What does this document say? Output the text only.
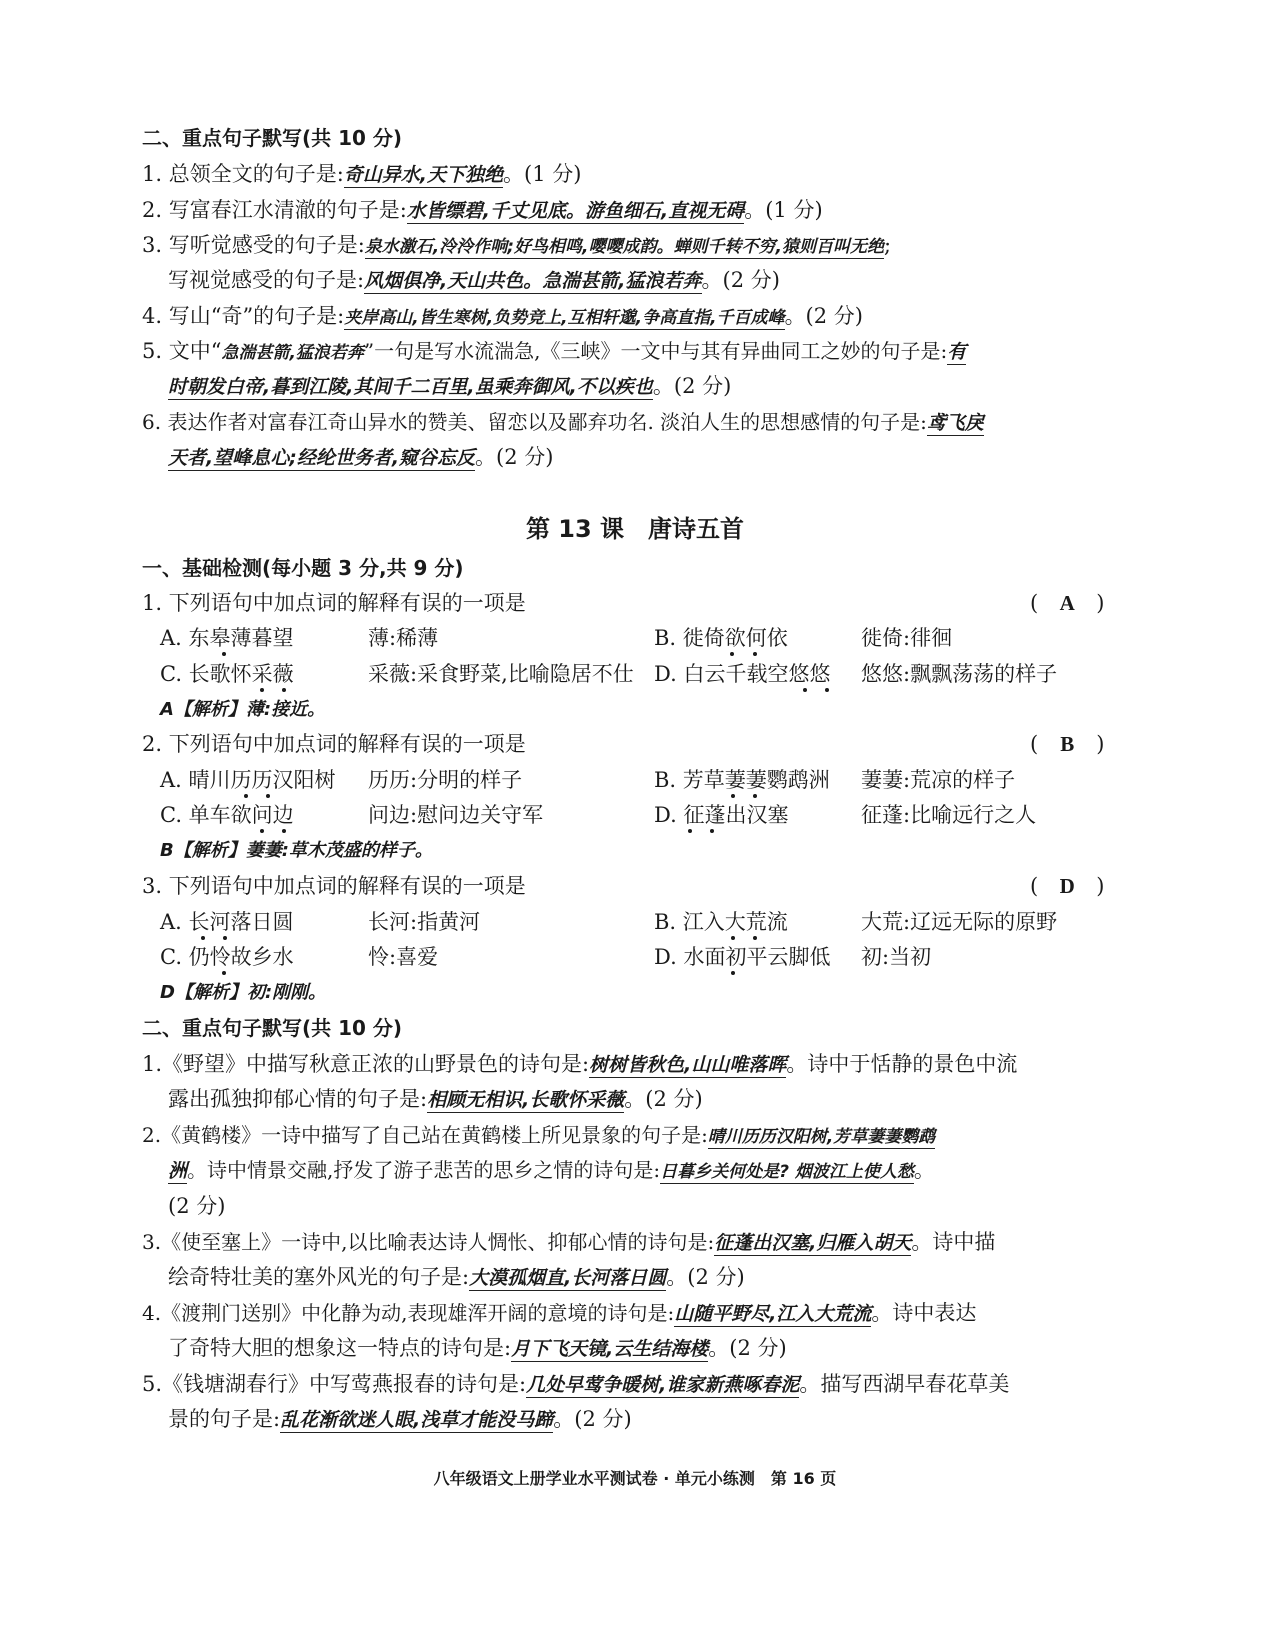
二、重点句子默写(共 10 分)
1. 总领全文的句子是:奇山异水,天下独绝。(1 分)
2. 写富春江水清澈的句子是:水皆缥碧,千丈见底。游鱼细石,直视无碍。(1 分)
3. 写听觉感受的句子是:泉水激石,泠泠作响;好鸟相鸣,嘤嘤成韵。蝉则千转不穷,猿则百叫无绝;
写视觉感受的句子是:风烟俱净,天山共色。急湍甚箭,猛浪若奔。(2 分)
4. 写山“奇”的句子是:夹岸高山,皆生寒树,负势竞上,互相轩邈,争高直指,千百成峰。(2 分)
5. 文中“急湍甚箭,猛浪若奔”一句是写水流湍急,《三峡》一文中与其有异曲同工之妙的句子是:有
时朝发白帝,暮到江陵,其间千二百里,虽乘奔御风,不以疾也。(2 分)
6. 表达作者对富春江奇山异水的赞美、留恋以及鄙弃功名. 淡泊人生的思想感情的句子是:鸢飞戾
天者,望峰息心;经纶世务者,窥谷忘反。(2 分)
第 13 课　唐诗五首
一、基础检测(每小题 3 分,共 9 分)
1. 下列语句中加点词的解释有误的一项是	( A )
A. 东皋薄暮望	薄:稀薄	B. 徙倚欲何依	徙倚:徘徊
C. 长歌怀采薇	采薇:采食野菜,比喻隐居不仕 D. 白云千载空悠悠 悠悠:飘飘荡荡的样子
A【解析】薄:接近。
2. 下列语句中加点词的解释有误的一项是	( B )
A. 晴川历历汉阳树 历历:分明的样子	B. 芳草萋萋鹦鹉洲 萋萋:荒凉的样子
C. 单车欲问边	问边:慰问边关守军	D. 征蓬出汉塞	征蓬:比喻远行之人
B【解析】萋萋:草木茂盛的样子。
3. 下列语句中加点词的解释有误的一项是	( D )
A. 长河落日圆	长河:指黄河	B. 江入大荒流	大荒:辽远无际的原野
C. 仍怜故乡水	怜:喜爱	D. 水面初平云脚低 初:当初
D【解析】初:刚刚。
二、重点句子默写(共 10 分)
1.《野望》中描写秋意正浓的山野景色的诗句是:树树皆秋色,山山唯落晖。诗中于恬静的景色中流
露出孤独抑郁心情的句子是:相顾无相识,长歌怀采薇。(2 分)
2.《黄鹤楼》一诗中描写了自己站在黄鹤楼上所见景象的句子是:晴川历历汉阳树,芳草萋萋鹦鹉
洲。诗中情景交融,抒发了游子悲苦的思乡之情的诗句是:日暮乡关何处是? 烟波江上使人愁。
(2 分)
3.《使至塞上》一诗中,以比喻表达诗人惆怅、抑郁心情的诗句是:征蓬出汉塞,归雁入胡天。诗中描
绘奇特壮美的塞外风光的句子是:大漠孤烟直,长河落日圆。(2 分)
4.《渡荆门送别》中化静为动,表现雄浑开阔的意境的诗句是:山随平野尽,江入大荒流。诗中表达
了奇特大胆的想象这一特点的诗句是:月下飞天镜,云生结海楼。(2 分)
5.《钱塘湖春行》中写莺燕报春的诗句是:几处早莺争暖树,谁家新燕啄春泥。描写西湖早春花草美
景的句子是:乱花渐欲迷人眼,浅草才能没马蹄。(2 分)
八年级语文上册学业水平测试卷 · 单元小练测　第 16 页
